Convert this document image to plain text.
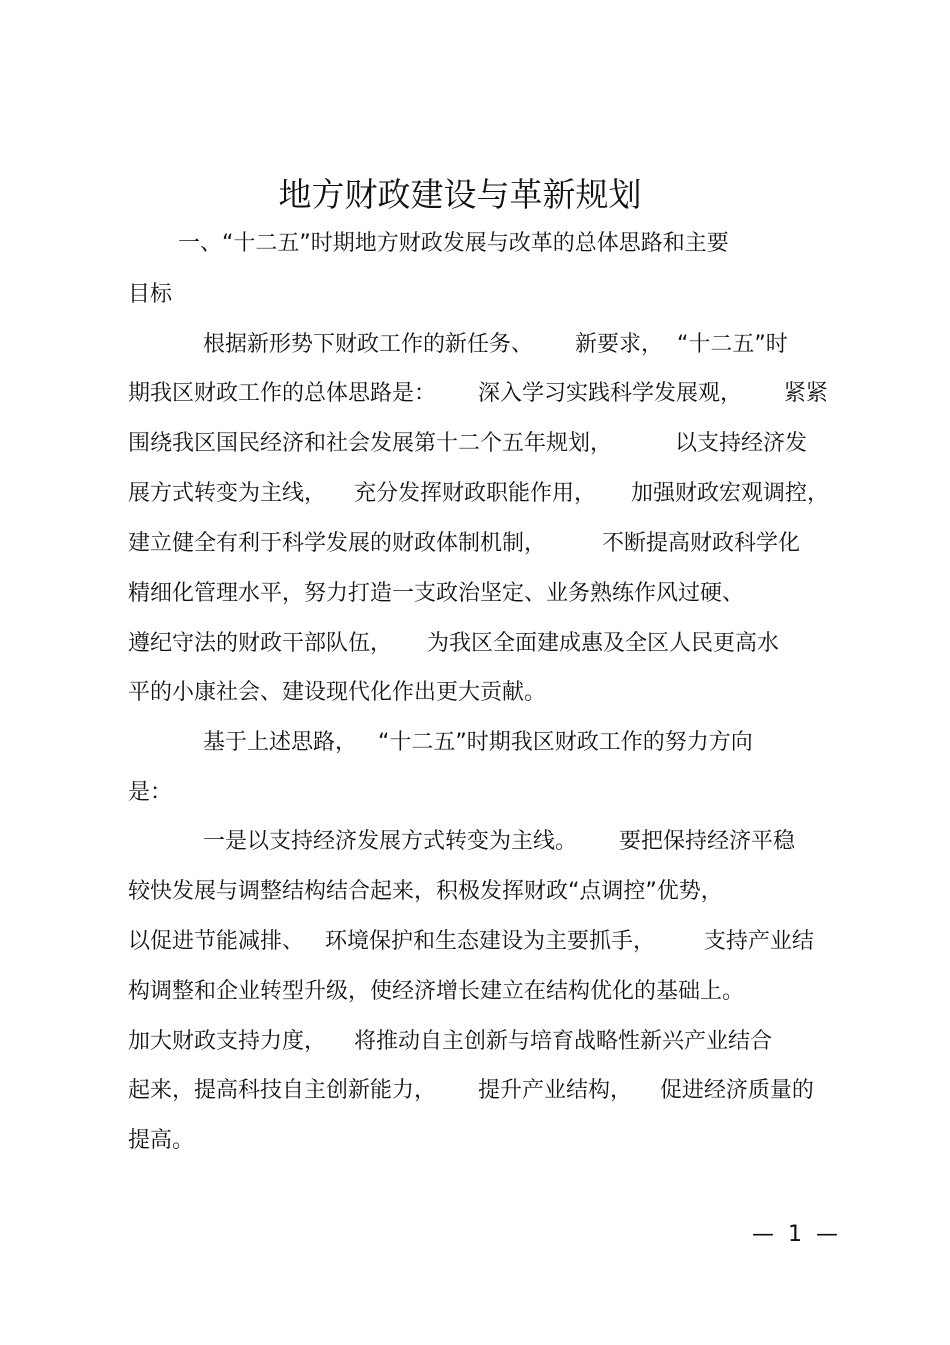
地方财政建设与革新规划
一、“十二五”时期地方财政发展与改革的总体思路和主要
目标
根据新形势下财政工作的新任务、      新要求，  “十二五”时
期我区财政工作的总体思路是：      深入学习实践科学发展观，      紧紧
围绕我区国民经济和社会发展第十二个五年规划，         以支持经济发
展方式转变为主线，    充分发挥财政职能作用，     加强财政宏观调控，
建立健全有利于科学发展的财政体制机制，        不断提高财政科学化
精细化管理水平，努力打造一支政治坚定、业务熟练作风过硬、
遵纪守法的财政干部队伍，     为我区全面建成惠及全区人民更高水
平的小康社会、建设现代化作出更大贡献。
基于上述思路，   “十二五”时期我区财政工作的努力方向
是：
一是以支持经济发展方式转变为主线。      要把保持经济平稳
较快发展与调整结构结合起来，积极发挥财政“点调控”优势，
以促进节能减排、   环境保护和生态建设为主要抓手，       支持产业结
构调整和企业转型升级，使经济增长建立在结构优化的基础上。
加大财政支持力度，    将推动自主创新与培育战略性新兴产业结合
起来，提高科技自主创新能力，      提升产业结构，    促进经济质量的
提高。
—  1  —
